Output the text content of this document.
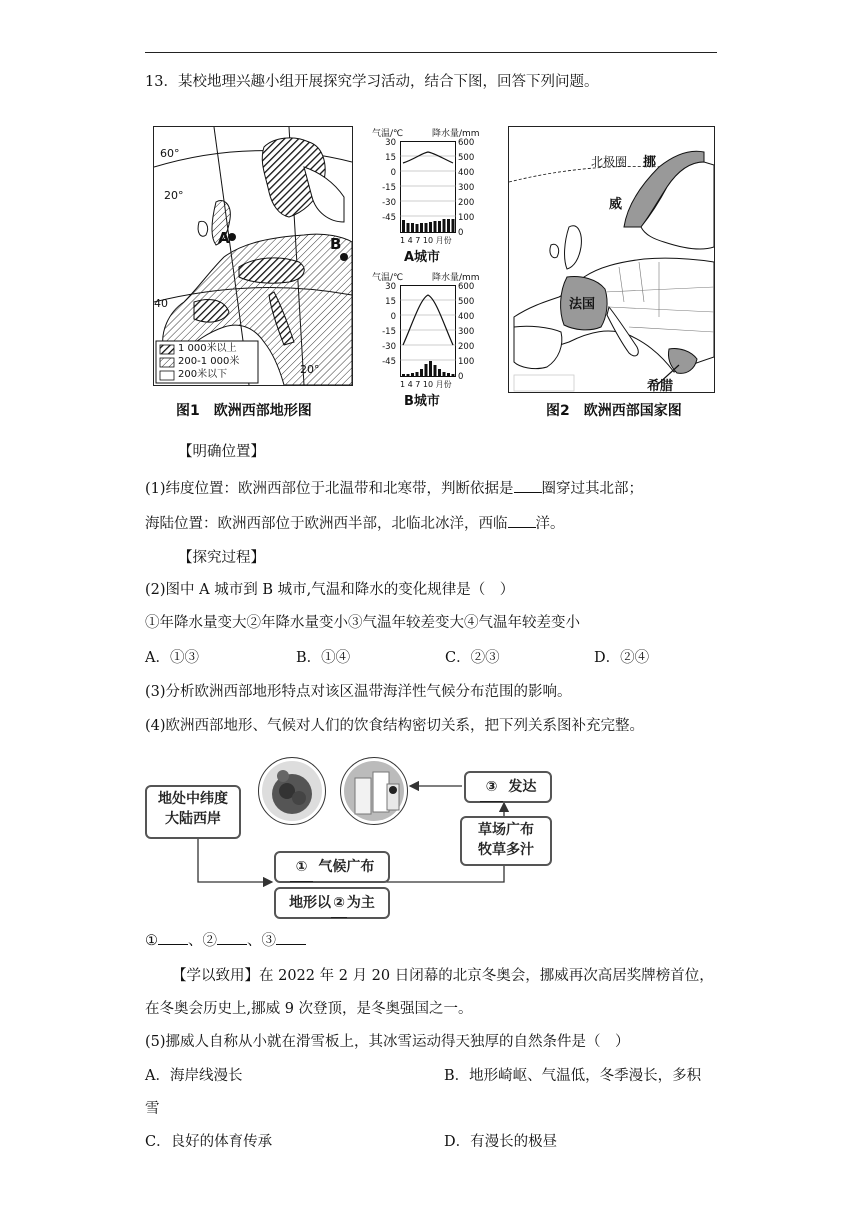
13．某校地理兴趣小组开展探究学习活动，结合下图，回答下列问题。
60°
20°
40
20°
A	B
1 000米以上
200-1 000米
200米以下
图1　欧洲西部地形图
气温/℃	降水量/mm
30
15
0
-15
-30
-45
600
500
400
300
200
100
0
1 4 7 10 月份
A城市
气温/℃	降水量/mm
30
15
0
-15
-30
-45
600
500
400
300
200
100
0
1 4 7 10 月份
B城市
北极圈 挪
威
法国
希腊
图2　欧洲西部国家图
【明确位置】
(1)纬度位置：欧洲西部位于北温带和北寒带，判断依据是 圈穿过其北部；
海陆位置：欧洲西部位于欧洲西半部，北临北冰洋，西临 洋。
【探究过程】
(2)图中 A 城市到 B 城市,气温和降水的变化规律是（　）
①年降水量变大②年降水量变小③气温年较差变大④气温年较差变小
A．①③	B．①④	C．②③	D．②④
(3)分析欧洲西部地形特点对该区温带海洋性气候分布范围的影响。
(4)欧洲西部地形、气候对人们的饮食结构密切关系，把下列关系图补充完整。
地处中纬度
大陆西岸
③ 发达
草场广布
牧草多汁
① 气候广布
地形以 ② 为主
① 、② 、③
【学以致用】在 2022 年 2 月 20 日闭幕的北京冬奥会，挪威再次高居奖牌榜首位，
在冬奥会历史上,挪威 9 次登顶，是冬奥强国之一。
(5)挪威人自称从小就在滑雪板上，其冰雪运动得天独厚的自然条件是（　）
A．海岸线漫长	B．地形崎岖、气温低，冬季漫长，多积
雪
C．良好的体育传承	D．有漫长的极昼
